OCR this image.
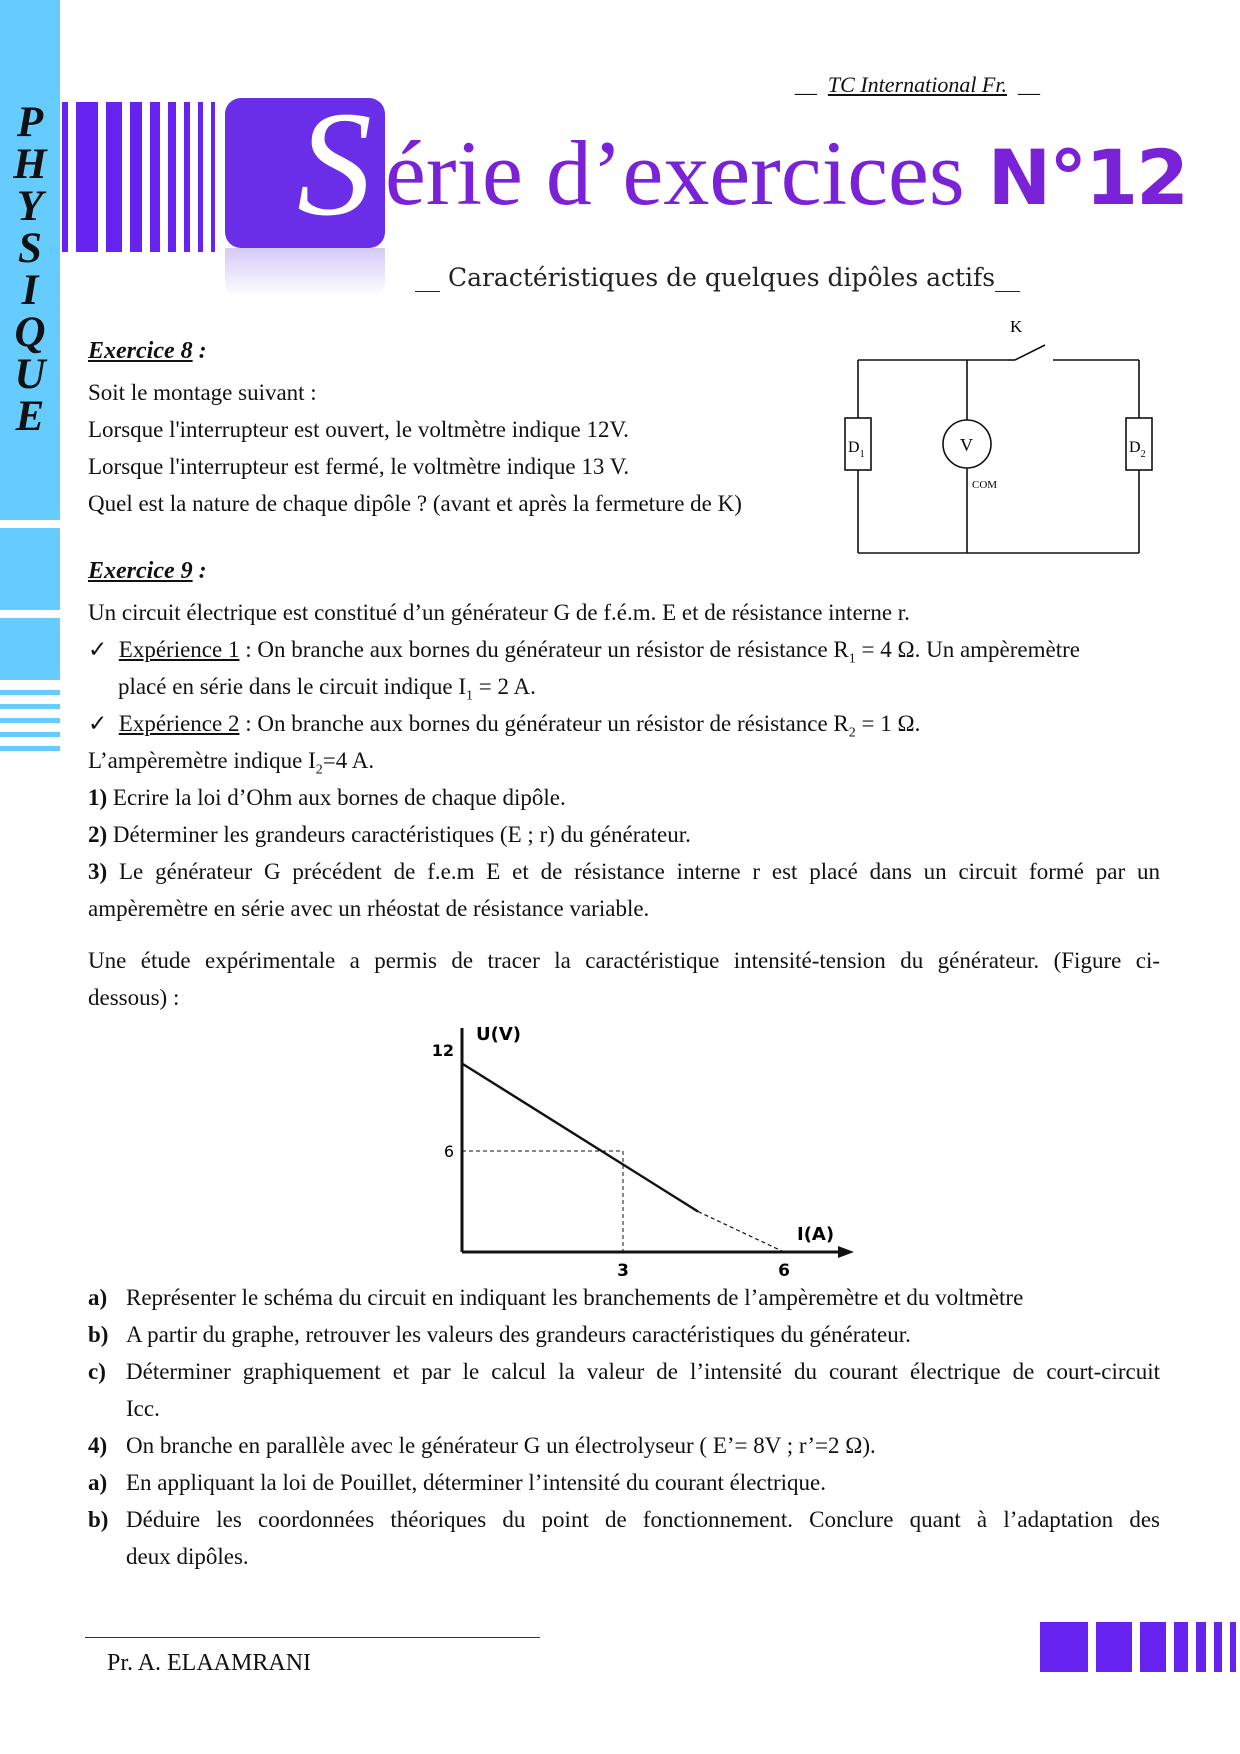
P
H
Y
S
I
Q
U
E
__ TC International Fr. __
S érie d’exercices N°12
__ Caractéristiques de quelques dipôles actifs__
Exercice 8 :
Soit le montage suivant :
Lorsque l'interrupteur est ouvert, le voltmètre indique 12V.
Lorsque l'interrupteur est fermé, le voltmètre indique 13 V.
Quel est la nature de chaque dipôle ? (avant et après la fermeture de K)
K
V
COM
$D_1$	$D_2$
Exercice 9 :
Un circuit électrique est constitué d’un générateur G de f.é.m. E et de résistance interne r.
✓ Expérience 1 : On branche aux bornes du générateur un résistor de résistance $R_1 = 4$ Ω. Un ampèremètre
placé en série dans le circuit indique $I_1 = 2$ A.
✓ Expérience 2 : On branche aux bornes du générateur un résistor de résistance $R_2 = 1$ Ω.
L’ampèremètre indique $I_2=4$ A.
1) Ecrire la loi d’Ohm aux bornes de chaque dipôle.
2) Déterminer les grandeurs caractéristiques (E ; r) du générateur.
3) Le générateur G précédent de f.e.m E et de résistance interne r est placé dans un circuit formé par un
ampèremètre en série avec un rhéostat de résistance variable.
Une étude expérimentale a permis de tracer la caractéristique intensité-tension du générateur. (Figure ci-
dessous) :
U(V)
I(A)
12
6
3	6
a) Représenter le schéma du circuit en indiquant les branchements de l’ampèremètre et du voltmètre
b) A partir du graphe, retrouver les valeurs des grandeurs caractéristiques du générateur.
c) Déterminer graphiquement et par le calcul la valeur de l’intensité du courant électrique de court-circuit
Icc.
4) On branche en parallèle avec le générateur G un électrolyseur ( E’= 8V ; r’=2 Ω).
a) En appliquant la loi de Pouillet, déterminer l’intensité du courant électrique.
b) Déduire les coordonnées théoriques du point de fonctionnement. Conclure quant à l’adaptation des
deux dipôles.
Pr. A. ELAAMRANI
